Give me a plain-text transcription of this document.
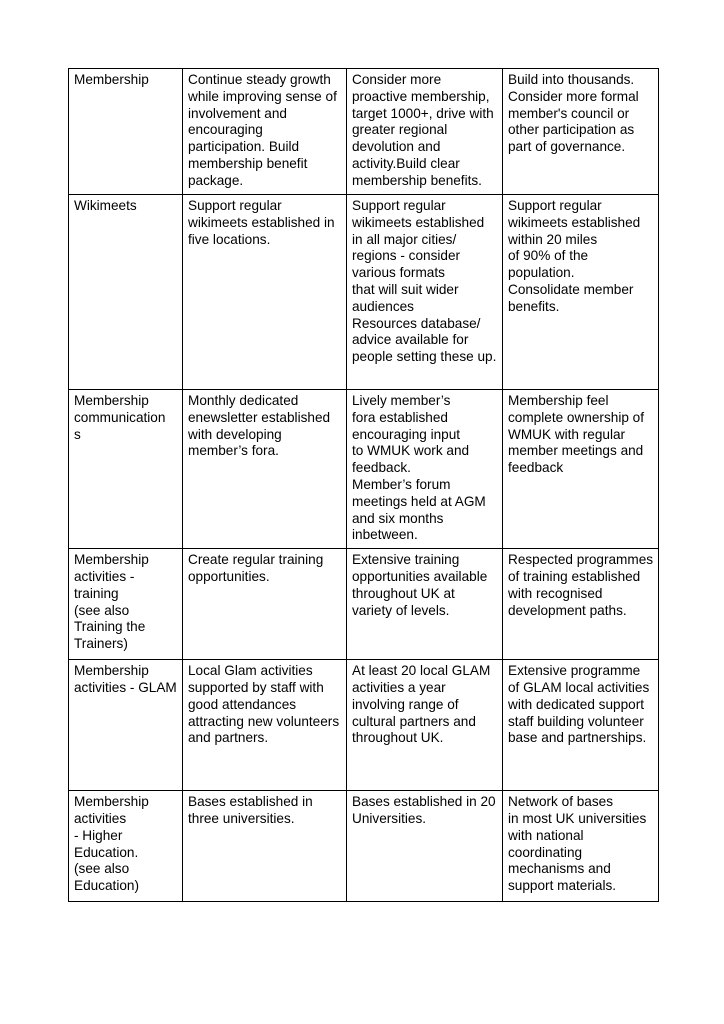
Membership	Continue steady growth while improving sense of involvement and encouraging participation. Build membership benefit package.	Consider more proactive membership, target 1000+, drive with greater regional devolution and activity.Build clear membership benefits.	Build into thousands. Consider more formal member's council or other participation as part of governance.
Wikimeets	Support regular wikimeets established in five locations.	Support regular wikimeets established in all major cities/ regions - consider various formats
that will suit wider audiences
Resources database/ advice available for people setting these up.	Support regular wikimeets established within 20 miles
of 90% of the population.
Consolidate member benefits.
Membership communication
s	Monthly dedicated enewsletter established with developing member’s fora.	Lively member’s
fora established encouraging input
to WMUK work and feedback.
Member’s forum meetings held at AGM and six months inbetween.	Membership feel complete ownership of WMUK with regular member meetings and feedback
Membership activities - training
(see also Training the Trainers)	Create regular training opportunities.	Extensive training opportunities available throughout UK at variety of levels.	Respected programmes of training established with recognised development paths.
Membership activities - GLAM	Local Glam activities supported by staff with good attendances attracting new volunteers and partners.	At least 20 local GLAM activities a year involving range of cultural partners and throughout UK.	Extensive programme of GLAM local activities with dedicated support staff building volunteer base and partnerships.
Membership activities
- Higher Education.
(see also Education)	Bases established in three universities.	Bases established in 20 Universities.	Network of bases
in most UK universities with national coordinating mechanisms and support materials.
